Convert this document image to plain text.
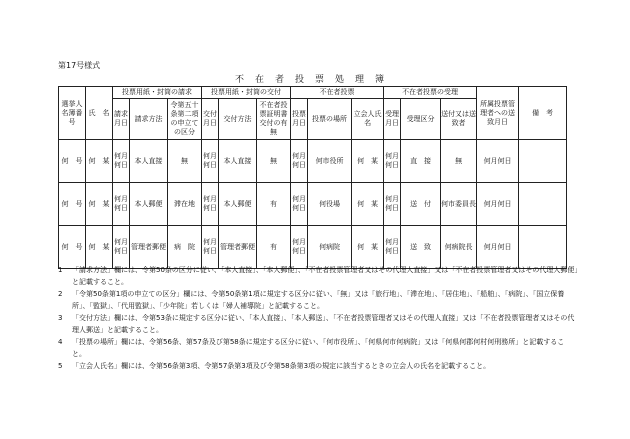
第17号様式
不在者投票処理簿
選挙人名簿番号	氏　名	投票用紙・封筒の請求			投票用紙・封筒の交付			不在者投票			不在者投票の受理			所属投票管理者への送致月日	備　考
		請求月日	請求方法	令第五十条第二項の申立ての区分	交付月日	交付方法	不在者投票証明書交付の有無	投票月日	投票の場所	立会人氏名	受理月日	受理区分	送付又は送致者		
何　号	何　某	何月何日	本人直接	無	何月何日	本人直接	無	何月何日	何市役所	何　某	何月何日	直　接	無	何月何日	
何　号	何　某	何月何日	本人郵便	滞在地	何月何日	本人郵便	有	何月何日	何役場	何　某	何月何日	送　付	何市委員長	何月何日	
何　号	何　某	何月何日	管理者郵便	病　院	何月何日	管理者郵便	有	何月何日	何病院	何　某	何月何日	送　致	何病院長	何月何日	
1	「請求方法」欄には、令第50条の区分に従い、「本人直接」、「本人郵便」、「不在者投票管理者又はその代理人直接」又は「不在者投票管理者又はその代理人郵便」と記載すること。
2	「令第50条第1項の申立ての区分」欄には、令第50条第1項に規定する区分に従い、「無」又は「旅行地」、「滞在地」、「居住地」、「船舶」、「病院」、「国立保養所」、「監獄」、「代用監獄」、「少年院」若しくは「婦人補導院」と記載すること。
3	「交付方法」欄には、令第53条に規定する区分に従い、「本人直接」、「本人郵送」、「不在者投票管理者又はその代理人直接」又は「不在者投票管理者又はその代理人郵送」と記載すること。
4	「投票の場所」欄には、令第56条、第57条及び第58条に規定する区分に従い、「何市役所」、「何県何市何病院」又は「何県何郡何村何刑務所」と記載すること。
5	「立会人氏名」欄には、令第56条第3項、令第57条第3項及び令第58条第3項の規定に該当するときの立会人の氏名を記載すること。
